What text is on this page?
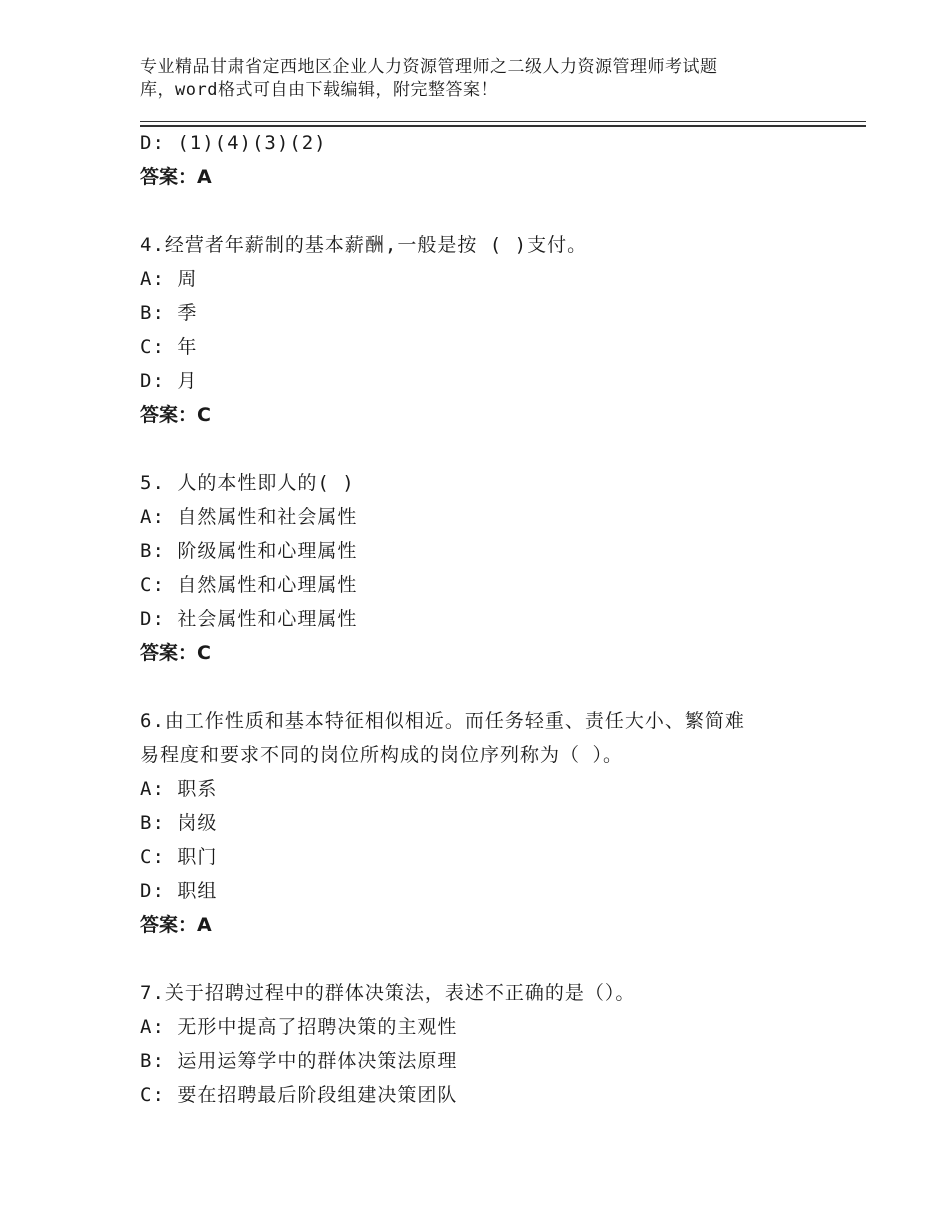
专业精品甘肃省定西地区企业人力资源管理师之二级人力资源管理师考试题
库，word格式可自由下载编辑，附完整答案！
D: (1)(4)(3)(2)
答案：A
4.经营者年薪制的基本薪酬,一般是按 ( )支付。
A: 周
B: 季
C: 年
D: 月
答案：C
5. 人的本性即人的( )
A: 自然属性和社会属性
B: 阶级属性和心理属性
C: 自然属性和心理属性
D: 社会属性和心理属性
答案：C
6.由工作性质和基本特征相似相近。而任务轻重、责任大小、繁简难
易程度和要求不同的岗位所构成的岗位序列称为（ ）。
A: 职系
B: 岗级
C: 职门
D: 职组
答案：A
7.关于招聘过程中的群体决策法，表述不正确的是（）。
A: 无形中提高了招聘决策的主观性
B: 运用运筹学中的群体决策法原理
C: 要在招聘最后阶段组建决策团队
